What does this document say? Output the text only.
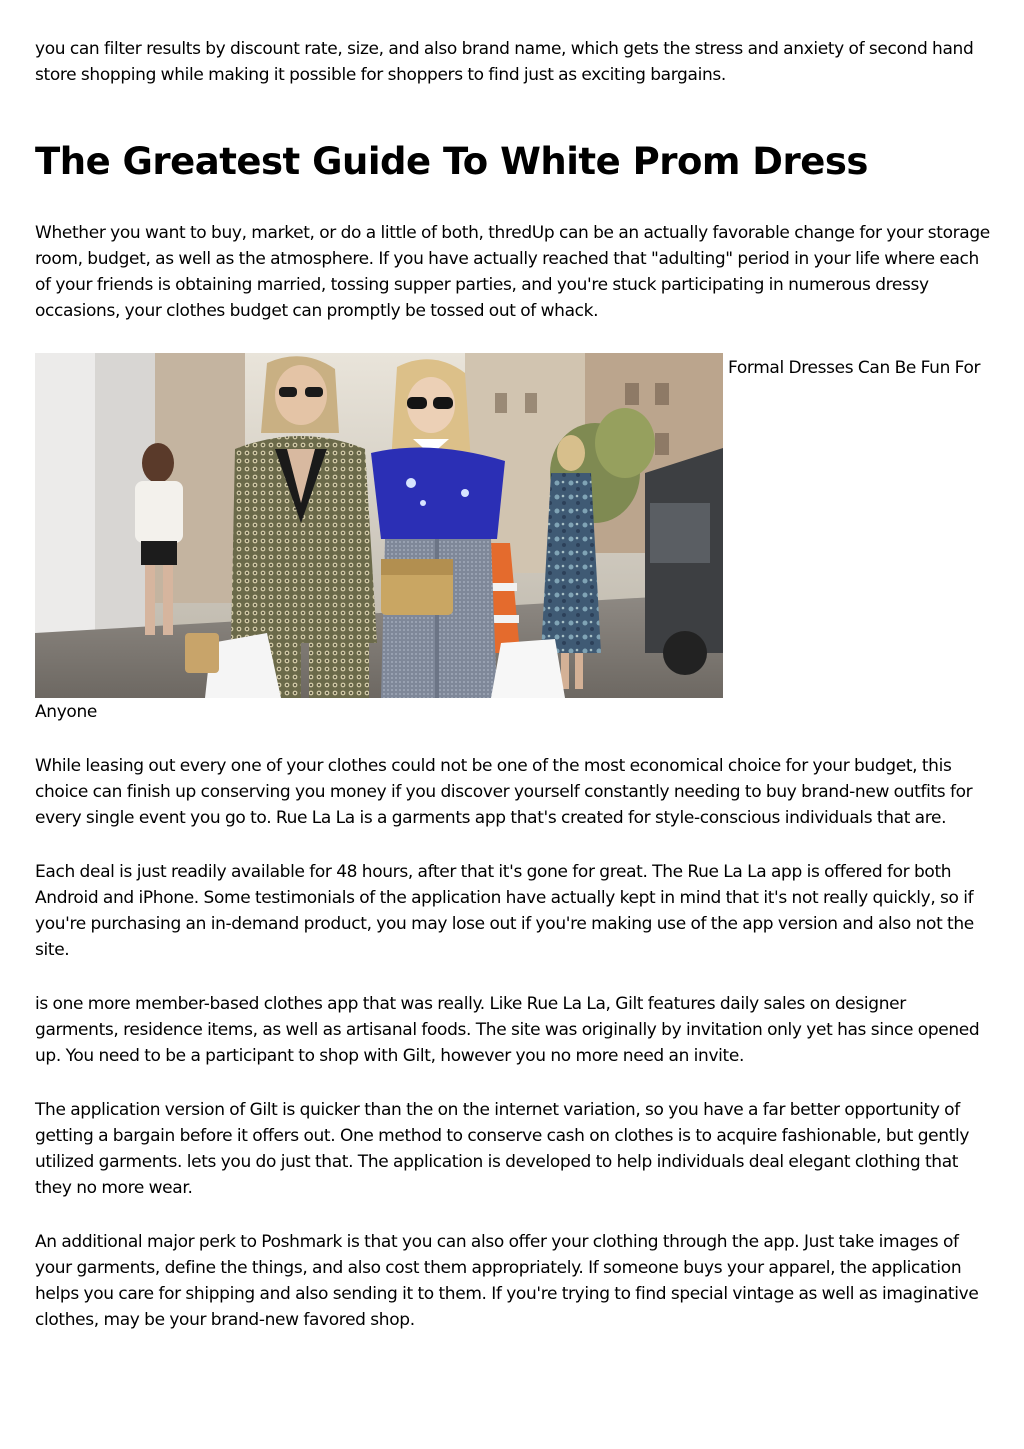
you can filter results by discount rate, size, and also brand name, which gets the stress and anxiety of second hand store shopping while making it possible for shoppers to find just as exciting bargains.

The Greatest Guide To White Prom Dress

Whether you want to buy, market, or do a little of both, thredUp can be an actually favorable change for your storage room, budget, as well as the atmosphere. If you have actually reached that "adulting" period in your life where each of your friends is obtaining married, tossing supper parties, and you're stuck participating in numerous dressy occasions, your clothes budget can promptly be tossed out of whack.

Formal Dresses Can Be Fun For

Anyone

While leasing out every one of your clothes could not be one of the most economical choice for your budget, this choice can finish up conserving you money if you discover yourself constantly needing to buy brand-new outfits for every single event you go to. Rue La La is a garments app that's created for style-conscious individuals that are.

Each deal is just readily available for 48 hours, after that it's gone for great. The Rue La La app is offered for both Android and iPhone. Some testimonials of the application have actually kept in mind that it's not really quickly, so if you're purchasing an in-demand product, you may lose out if you're making use of the app version and also not the site.

is one more member-based clothes app that was really. Like Rue La La, Gilt features daily sales on designer garments, residence items, as well as artisanal foods. The site was originally by invitation only yet has since opened up. You need to be a participant to shop with Gilt, however you no more need an invite.

The application version of Gilt is quicker than the on the internet variation, so you have a far better opportunity of getting a bargain before it offers out. One method to conserve cash on clothes is to acquire fashionable, but gently utilized garments. lets you do just that. The application is developed to help individuals deal elegant clothing that they no more wear.

An additional major perk to Poshmark is that you can also offer your clothing through the app. Just take images of your garments, define the things, and also cost them appropriately. If someone buys your apparel, the application helps you care for shipping and also sending it to them. If you're trying to find special vintage as well as imaginative clothes, may be your brand-new favored shop.
